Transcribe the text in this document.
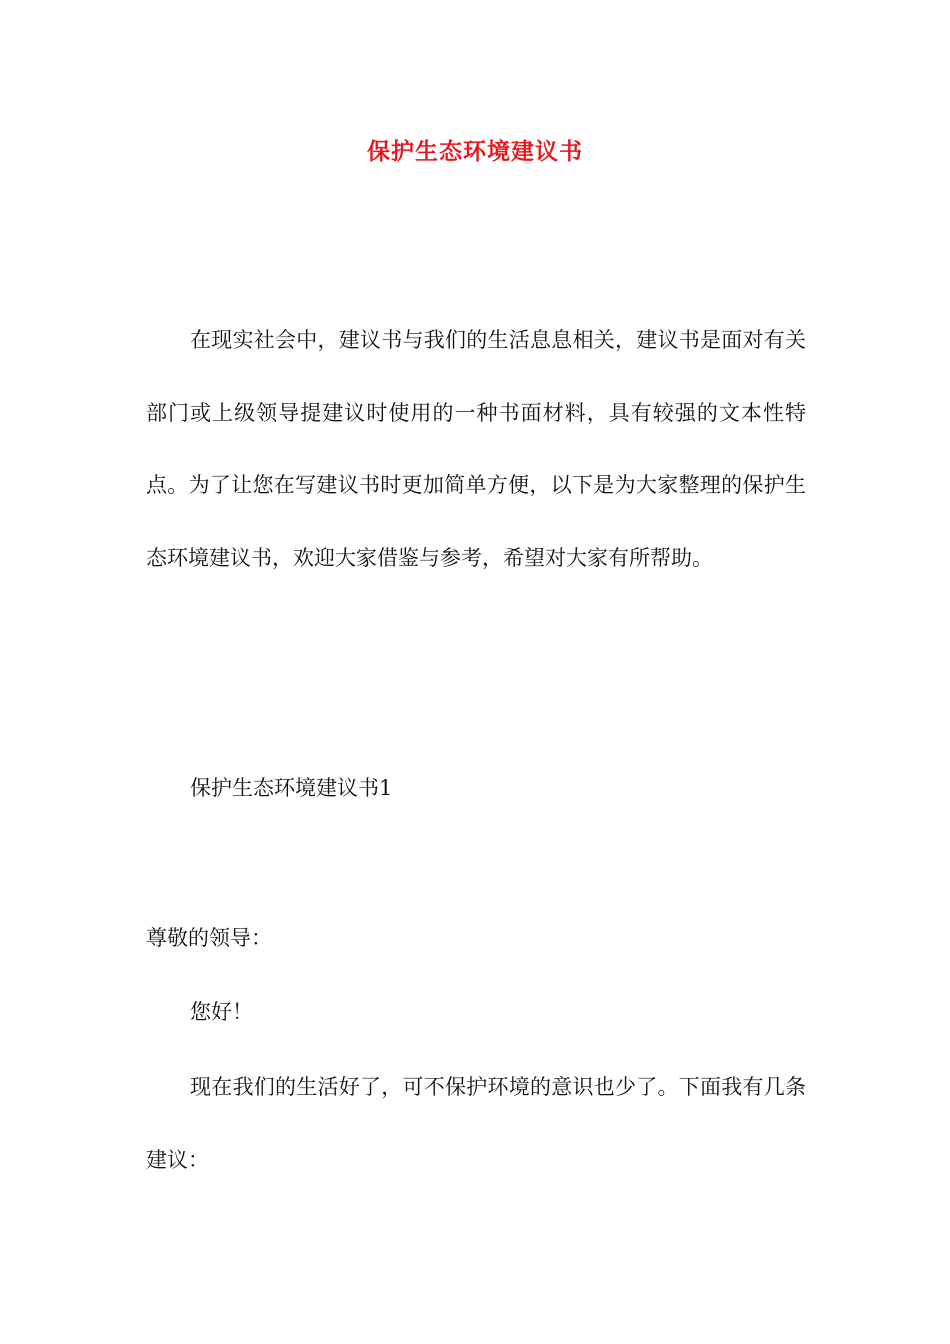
保护生态环境建议书

在现实社会中，建议书与我们的生活息息相关，建议书是面对有关部门或上级领导提建议时使用的一种书面材料，具有较强的文本性特点。为了让您在写建议书时更加简单方便，以下是为大家整理的保护生态环境建议书，欢迎大家借鉴与参考，希望对大家有所帮助。

保护生态环境建议书1

尊敬的领导：

您好！

现在我们的生活好了，可不保护环境的意识也少了。下面我有几条建议：
